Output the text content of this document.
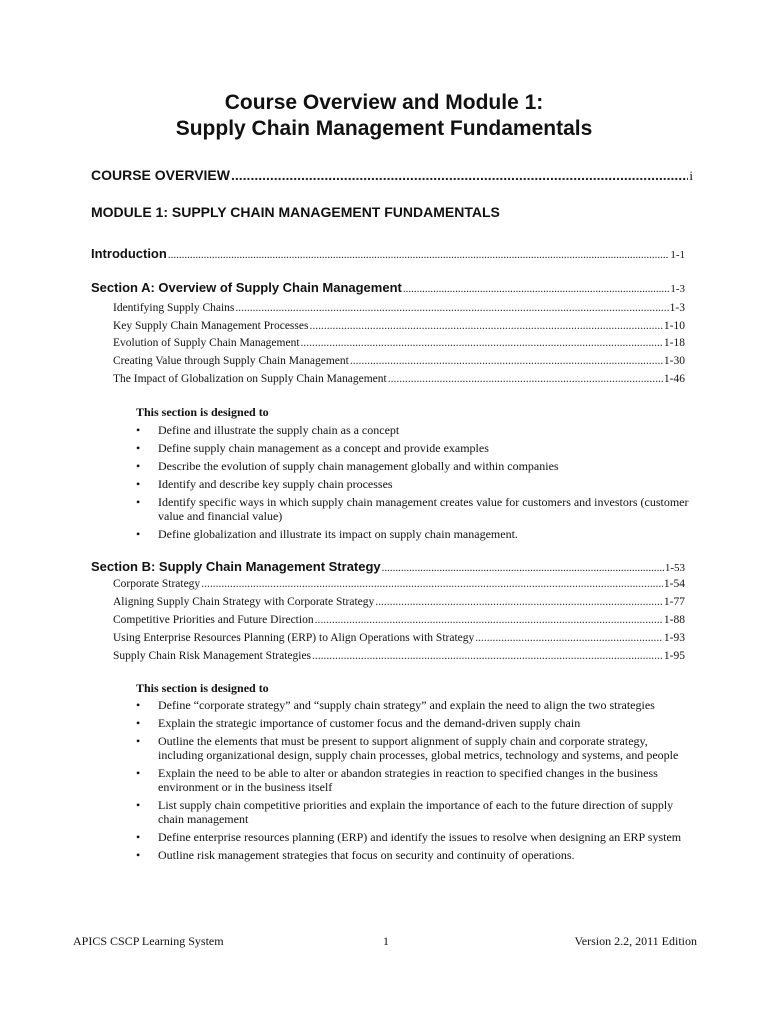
Course Overview and Module 1:
Supply Chain Management Fundamentals
COURSE OVERVIEW .....	i
MODULE 1: SUPPLY CHAIN MANAGEMENT FUNDAMENTALS
Introduction .....	1-1
Section A: Overview of Supply Chain Management .....	1-3
Identifying Supply Chains .....	1-3
Key Supply Chain Management Processes .....	1-10
Evolution of Supply Chain Management .....	1-18
Creating Value through Supply Chain Management .....	1-30
The Impact of Globalization on Supply Chain Management .....	1-46
This section is designed to
• Define and illustrate the supply chain as a concept
• Define supply chain management as a concept and provide examples
• Describe the evolution of supply chain management globally and within companies
• Identify and describe key supply chain processes
• Identify specific ways in which supply chain management creates value for customers and investors (customer value and financial value)
• Define globalization and illustrate its impact on supply chain management.
Section B: Supply Chain Management Strategy .....	1-53
Corporate Strategy .....	1-54
Aligning Supply Chain Strategy with Corporate Strategy .....	1-77
Competitive Priorities and Future Direction .....	1-88
Using Enterprise Resources Planning (ERP) to Align Operations with Strategy .....	1-93
Supply Chain Risk Management Strategies .....	1-95
This section is designed to
• Define “corporate strategy” and “supply chain strategy” and explain the need to align the two strategies
• Explain the strategic importance of customer focus and the demand-driven supply chain
• Outline the elements that must be present to support alignment of supply chain and corporate strategy, including organizational design, supply chain processes, global metrics, technology and systems, and people
• Explain the need to be able to alter or abandon strategies in reaction to specified changes in the business environment or in the business itself
• List supply chain competitive priorities and explain the importance of each to the future direction of supply chain management
• Define enterprise resources planning (ERP) and identify the issues to resolve when designing an ERP system
• Outline risk management strategies that focus on security and continuity of operations.
APICS CSCP Learning System	1	Version 2.2, 2011 Edition
